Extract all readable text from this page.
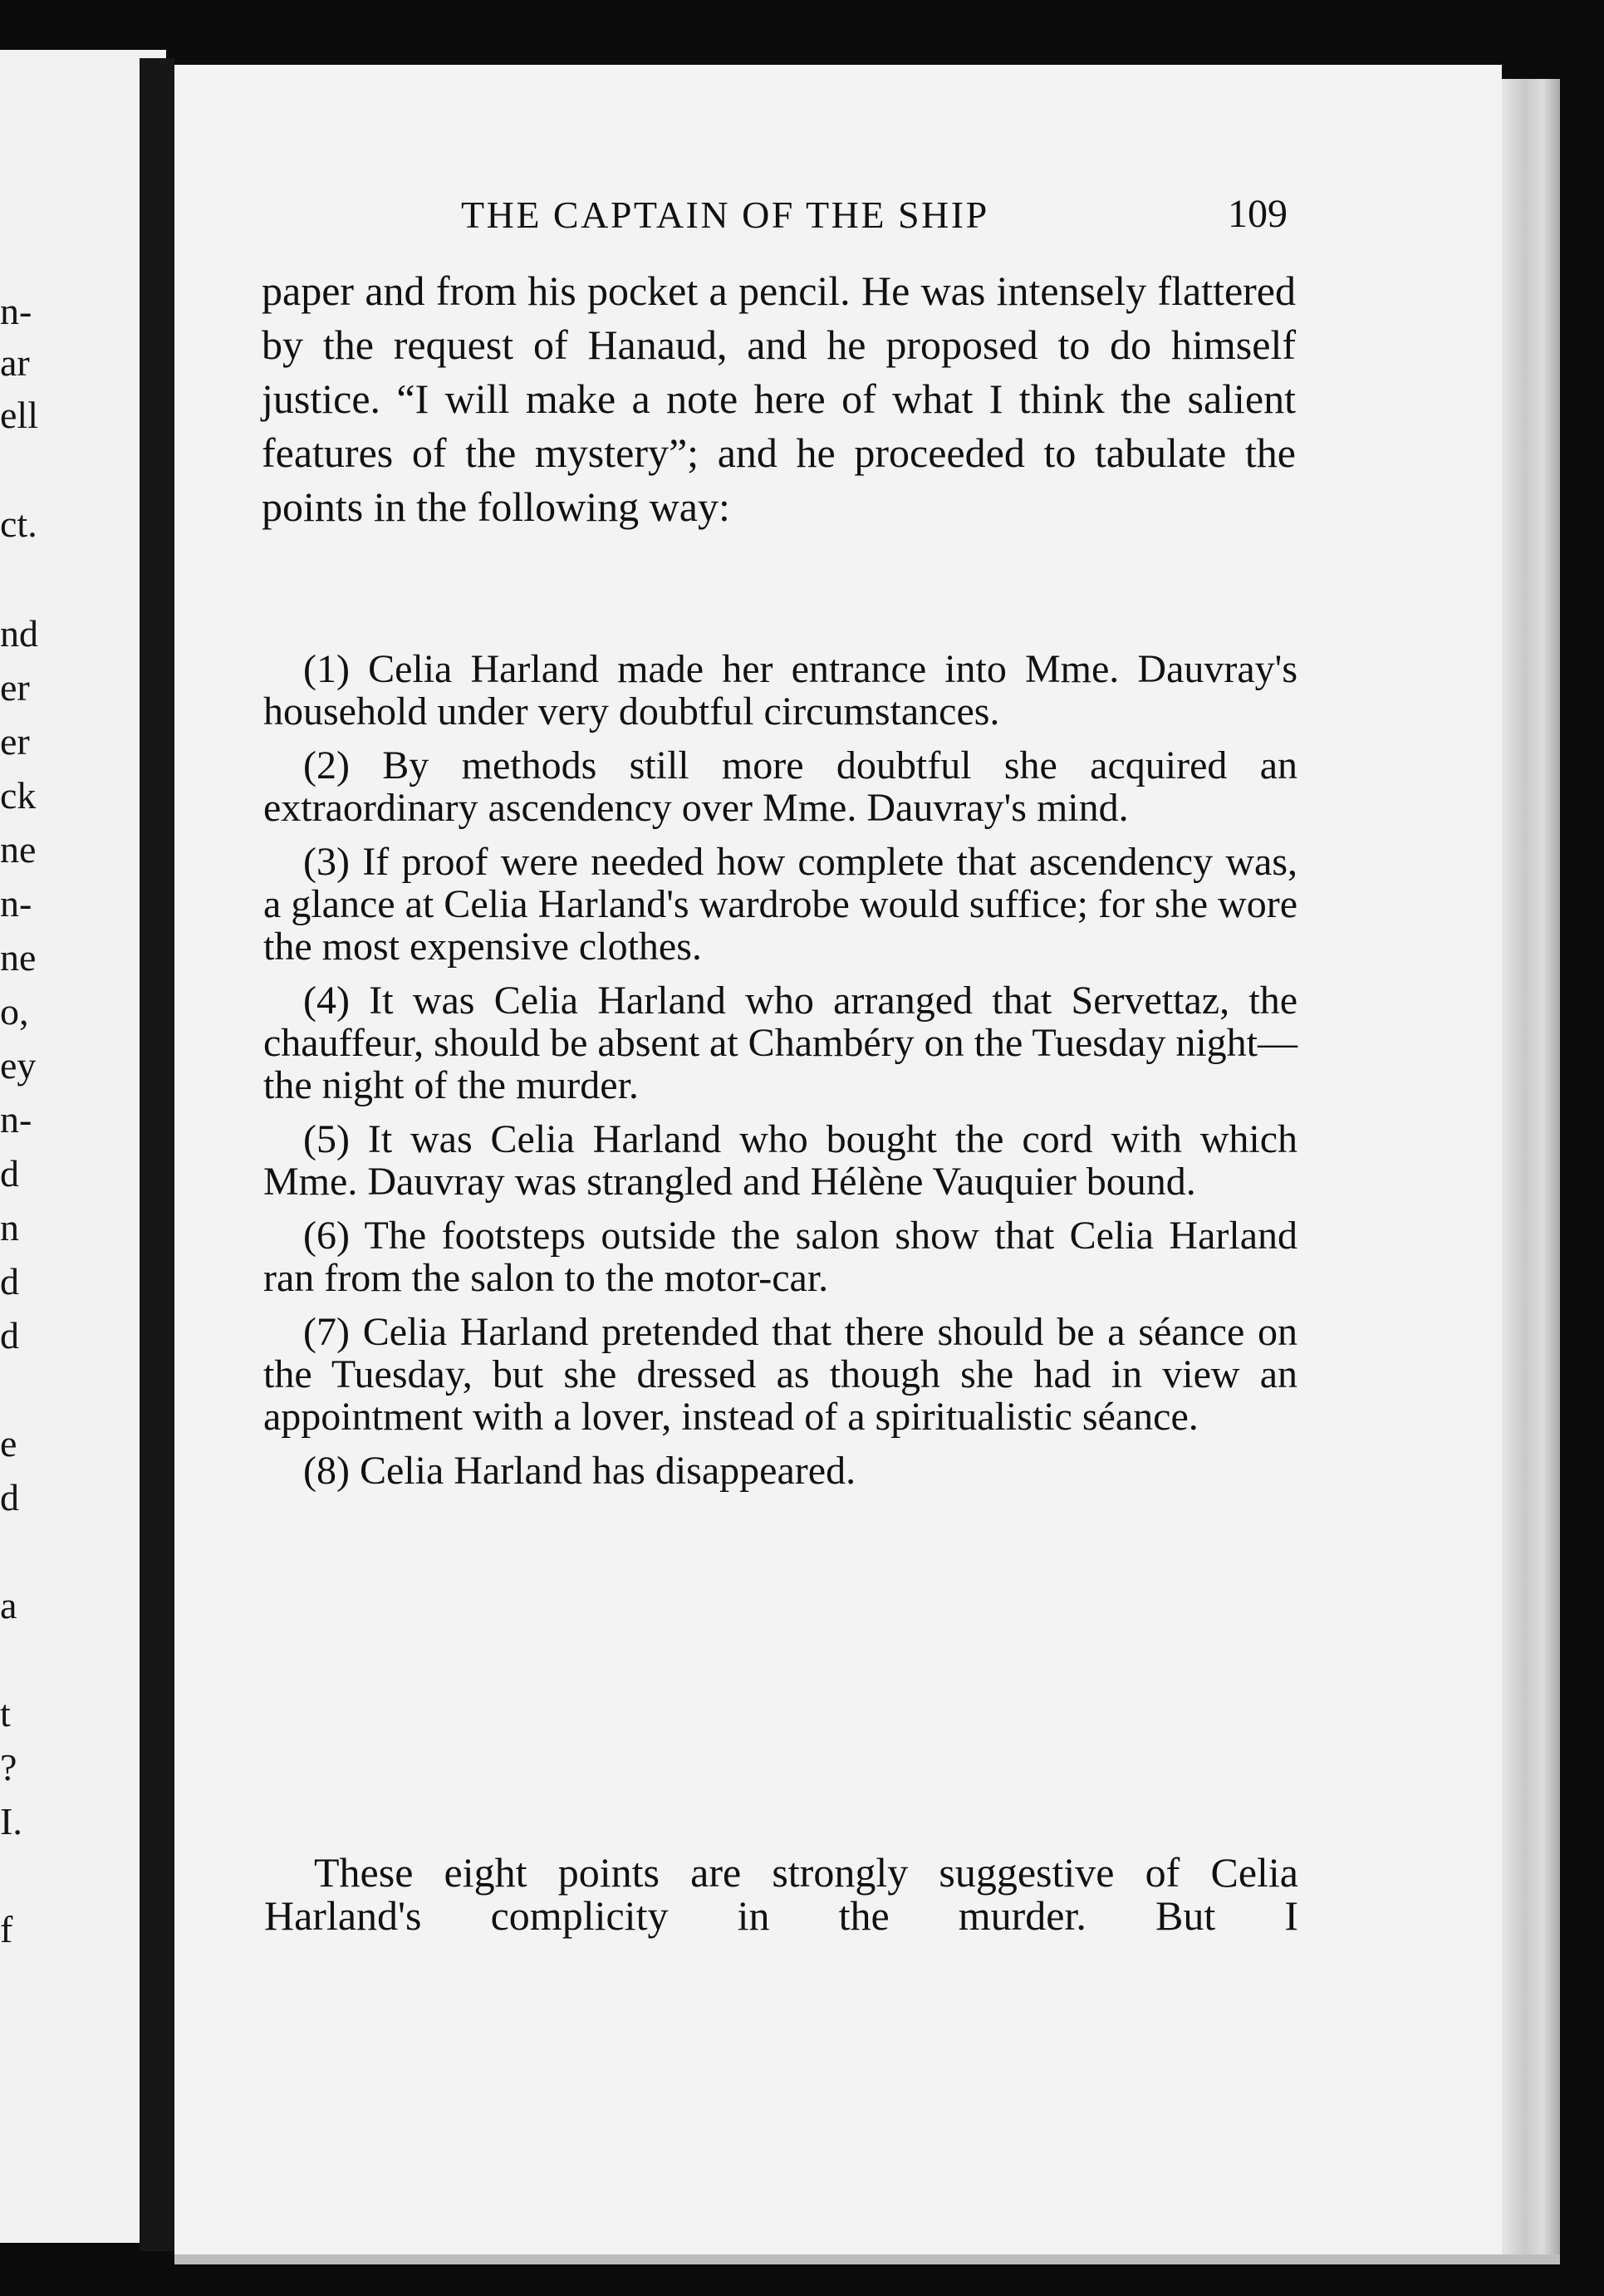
n-

ar

ell

ct.

nd

er

er

ck

ne

n-

ne

o,

ey

n-

d

n

d

d

e

d

a

t

?

I.

f

THE CAPTAIN OF THE SHIP	109

paper and from his pocket a pencil. He was intensely flattered by the request of Hanaud, and he proposed to do himself justice. “I will make a note here of what I think the salient features of the mystery”; and he proceeded to tabulate the points in the following way:

(1) Celia Harland made her entrance into Mme. Dauvray's household under very doubtful circumstances.
(2) By methods still more doubtful she acquired an extraordinary ascendency over Mme. Dauvray's mind.
(3) If proof were needed how complete that ascendency was, a glance at Celia Harland's wardrobe would suffice; for she wore the most expensive clothes.
(4) It was Celia Harland who arranged that Servettaz, the chauffeur, should be absent at Chambéry on the Tuesday night—the night of the murder.
(5) It was Celia Harland who bought the cord with which Mme. Dauvray was strangled and Hélène Vauquier bound.
(6) The footsteps outside the salon show that Celia Harland ran from the salon to the motor-car.
(7) Celia Harland pretended that there should be a séance on the Tuesday, but she dressed as though she had in view an appointment with a lover, instead of a spiritualistic séance.
(8) Celia Harland has disappeared.

These eight points are strongly suggestive of Celia Harland's complicity in the murder. But I
